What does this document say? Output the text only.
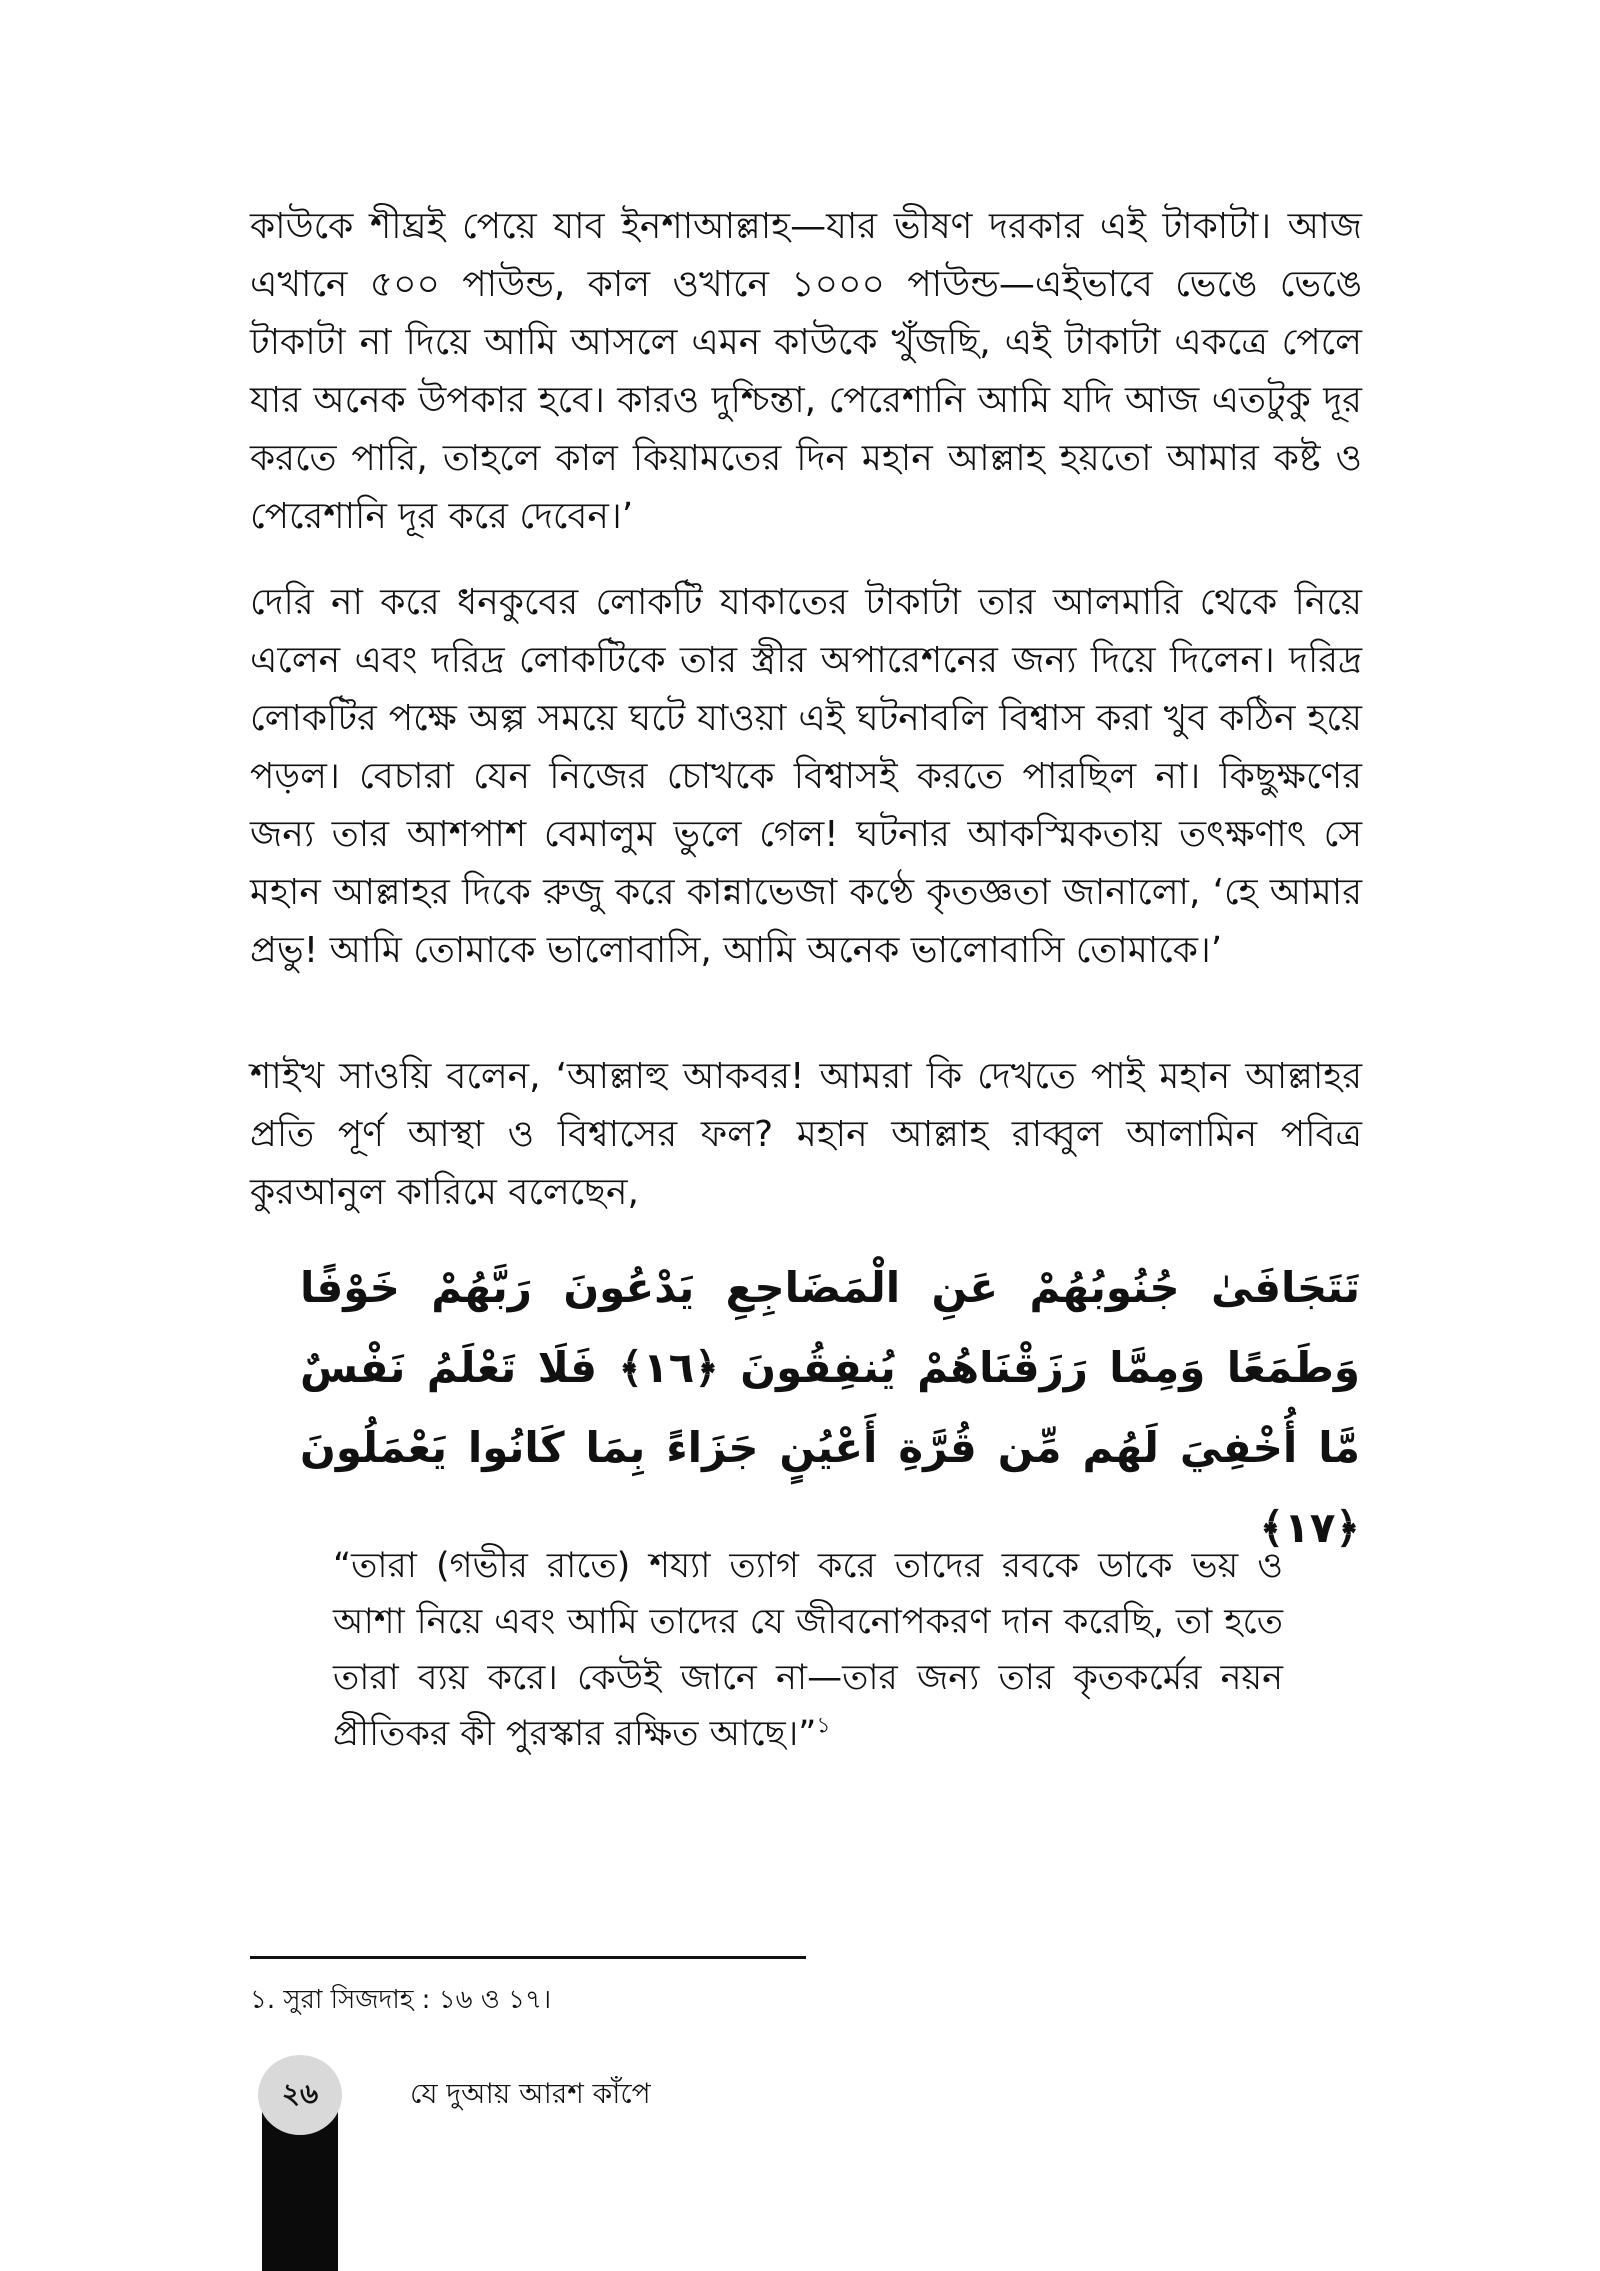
কাউকে শীঘ্রই পেয়ে যাব ইনশাআল্লাহ—যার ভীষণ দরকার এই টাকাটা। আজ এখানে ৫০০ পাউন্ড, কাল ওখানে ১০০০ পাউন্ড—এইভাবে ভেঙে ভেঙে টাকাটা না দিয়ে আমি আসলে এমন কাউকে খুঁজছি, এই টাকাটা একত্রে পেলে যার অনেক উপকার হবে। কারও দুশ্চিন্তা, পেরেশানি আমি যদি আজ এতটুকু দূর করতে পারি, তাহলে কাল কিয়ামতের দিন মহান আল্লাহ হয়তো আমার কষ্ট ও পেরেশানি দূর করে দেবেন।’

দেরি না করে ধনকুবের লোকটি যাকাতের টাকাটা তার আলমারি থেকে নিয়ে এলেন এবং দরিদ্র লোকটিকে তার স্ত্রীর অপারেশনের জন্য দিয়ে দিলেন। দরিদ্র লোকটির পক্ষে অল্প সময়ে ঘটে যাওয়া এই ঘটনাবলি বিশ্বাস করা খুব কঠিন হয়ে পড়ল। বেচারা যেন নিজের চোখকে বিশ্বাসই করতে পারছিল না। কিছুক্ষণের জন্য তার আশপাশ বেমালুম ভুলে গেল! ঘটনার আকস্মিকতায় তৎক্ষণাৎ সে মহান আল্লাহর দিকে রুজু করে কান্নাভেজা কণ্ঠে কৃতজ্ঞতা জানালো, ‘হে আমার প্রভু! আমি তোমাকে ভালোবাসি, আমি অনেক ভালোবাসি তোমাকে।’

শাইখ সাওয়ি বলেন, ‘আল্লাহু আকবর! আমরা কি দেখতে পাই মহান আল্লাহর প্রতি পূর্ণ আস্থা ও বিশ্বাসের ফল? মহান আল্লাহ রাব্বুল আলামিন পবিত্র কুরআনুল কারিমে বলেছেন,

تَتَجَافَىٰ جُنُوبُهُمْ عَنِ الْمَضَاجِعِ يَدْعُونَ رَبَّهُمْ خَوْفًا وَطَمَعًا وَمِمَّا رَزَقْنَاهُمْ يُنفِقُونَ ﴿١٦﴾ فَلَا تَعْلَمُ نَفْسٌ مَّا أُخْفِيَ لَهُم مِّن قُرَّةِ أَعْيُنٍ جَزَاءً بِمَا كَانُوا يَعْمَلُونَ ﴿١٧﴾

“তারা (গভীর রাতে) শয্যা ত্যাগ করে তাদের রবকে ডাকে ভয় ও আশা নিয়ে এবং আমি তাদের যে জীবনোপকরণ দান করেছি, তা হতে তারা ব্যয় করে। কেউই জানে না—তার জন্য তার কৃতকর্মের নয়ন প্রীতিকর কী পুরস্কার রক্ষিত আছে।”$^১$

১. সুরা সিজদাহ : ১৬ ও ১৭।

২৬	যে দুআয় আরশ কাঁপে
